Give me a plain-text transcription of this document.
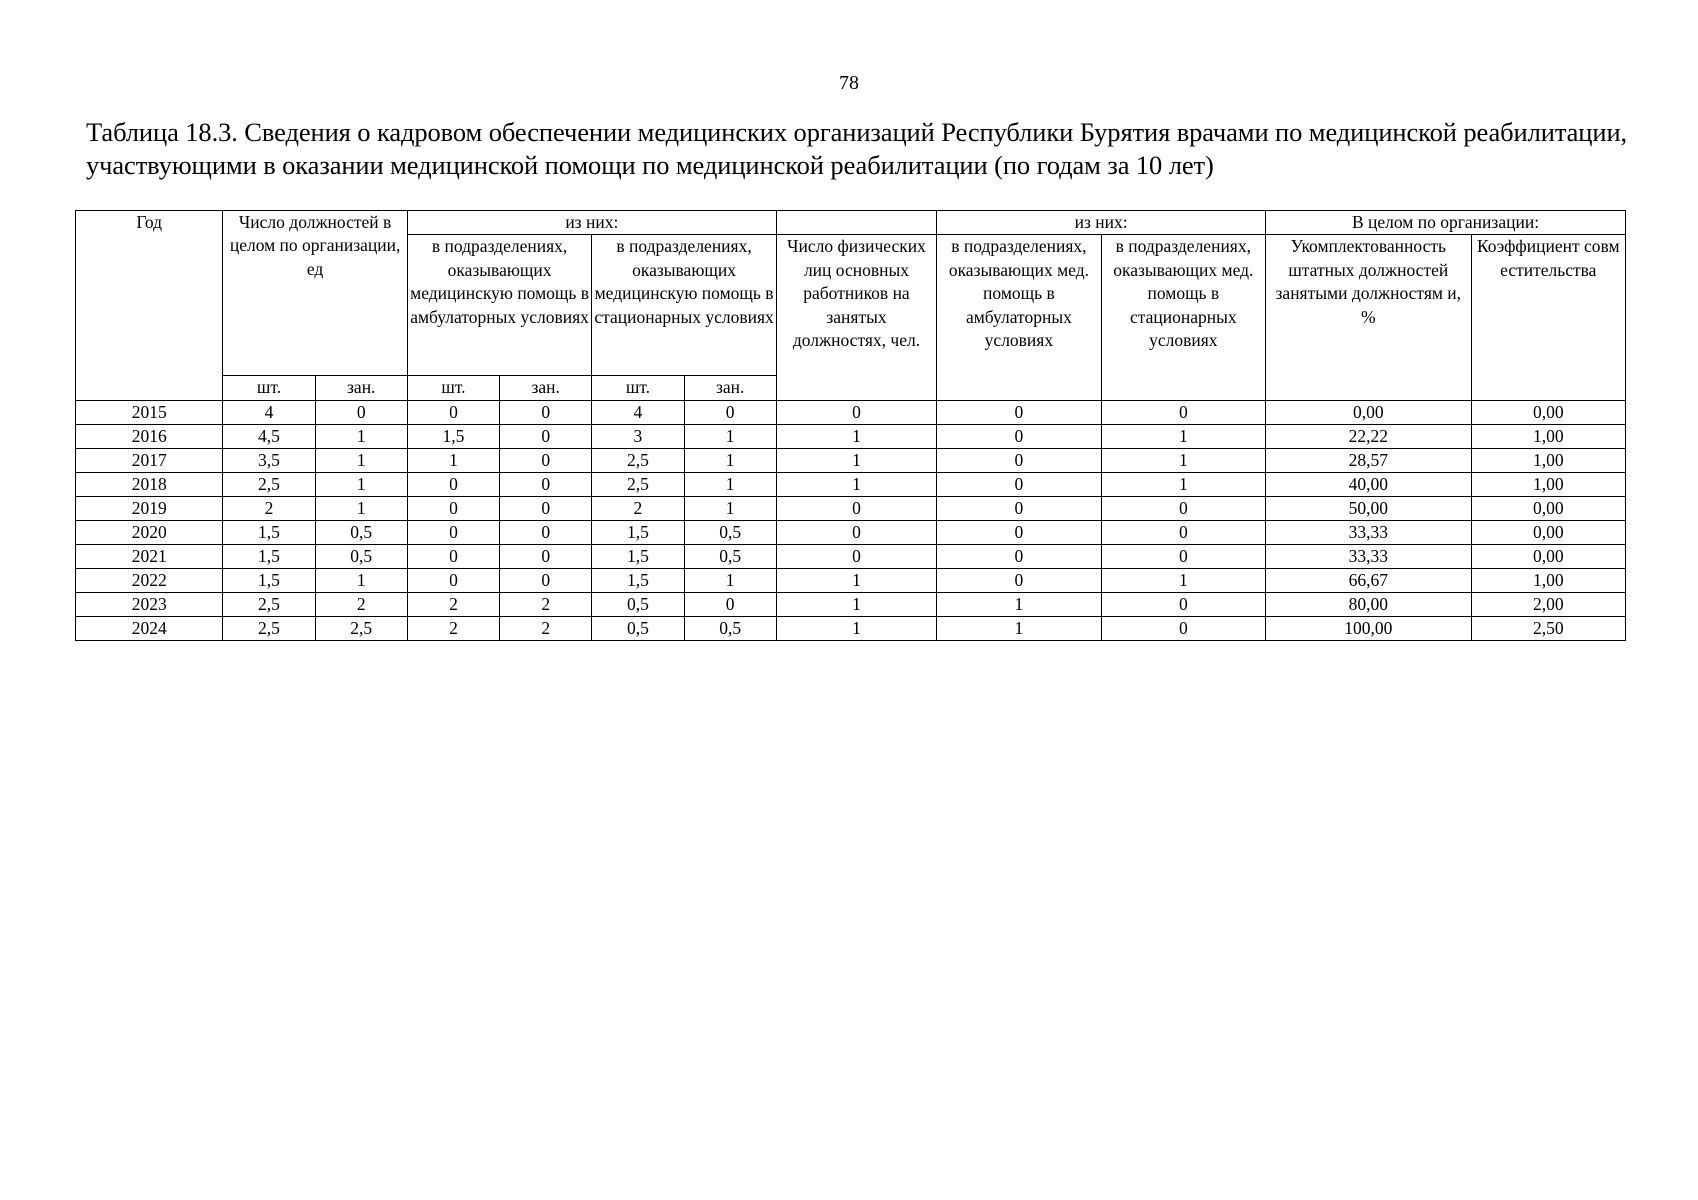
78
Таблица 18.3. Сведения о кадровом обеспечении медицинских организаций Республики Бурятия врачами по медицинской реабилитации, участвующими в оказании медицинской помощи по медицинской реабилитации (по годам за 10 лет)
Год	Число должностей в целом по организации, ед		из них:					из них:		В целом по организации:	
			в подразделениях, оказывающих медицинскую помощь в амбулаторных условиях		в подразделениях, оказывающих медицинскую помощь в стационарных условиях		Число физических лиц основных работников на занятых должностях, чел.	в подразделениях, оказывающих мед. помощь в амбулаторных условиях	в подразделениях, оказывающих мед. помощь в стационарных условиях	Укомплектованность штатных должностей занятыми должностям и, %	Коэффициент совместительства
	шт.	зан.	шт.	зан.	шт.	зан.					
2015	4	0	0	0	4	0	0	0	0	0,00	0,00
2016	4,5	1	1,5	0	3	1	1	0	1	22,22	1,00
2017	3,5	1	1	0	2,5	1	1	0	1	28,57	1,00
2018	2,5	1	0	0	2,5	1	1	0	1	40,00	1,00
2019	2	1	0	0	2	1	0	0	0	50,00	0,00
2020	1,5	0,5	0	0	1,5	0,5	0	0	0	33,33	0,00
2021	1,5	0,5	0	0	1,5	0,5	0	0	0	33,33	0,00
2022	1,5	1	0	0	1,5	1	1	0	1	66,67	1,00
2023	2,5	2	2	2	0,5	0	1	1	0	80,00	2,00
2024	2,5	2,5	2	2	0,5	0,5	1	1	0	100,00	2,50
